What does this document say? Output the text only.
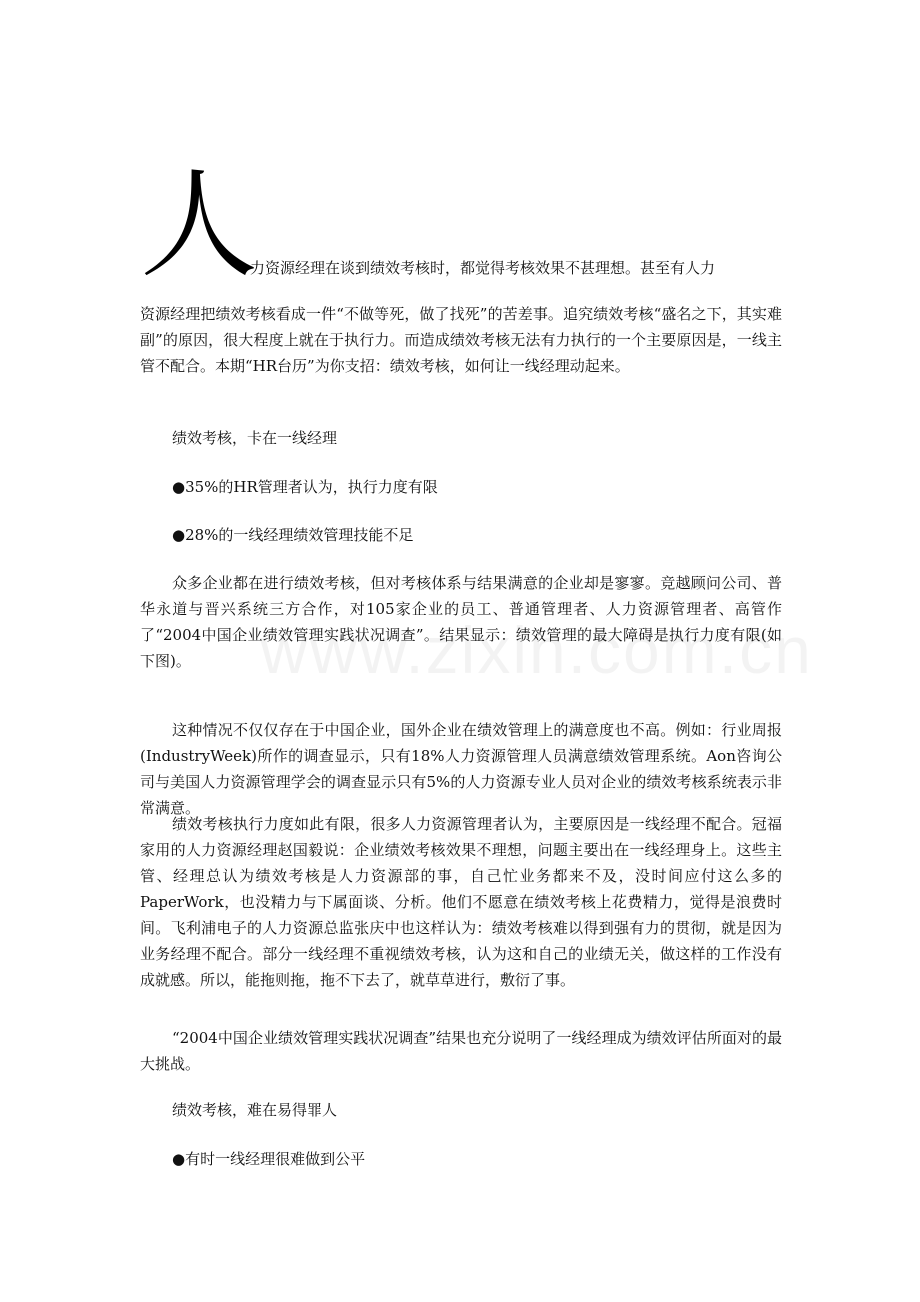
人
力资源经理在谈到绩效考核时，都觉得考核效果不甚理想。甚至有人力
资源经理把绩效考核看成一件“不做等死，做了找死”的苦差事。追究绩效考核“盛名之下，其实难副”的原因，很大程度上就在于执行力。而造成绩效考核无法有力执行的一个主要原因是，一线主管不配合。本期“HR台历”为你支招：绩效考核，如何让一线经理动起来。
绩效考核，卡在一线经理
●35%的HR管理者认为，执行力度有限
●28%的一线经理绩效管理技能不足
众多企业都在进行绩效考核，但对考核体系与结果满意的企业却是寥寥。竞越顾问公司、普华永道与晋兴系统三方合作，对105家企业的员工、普通管理者、人力资源管理者、高管作了“2004中国企业绩效管理实践状况调查”。结果显示：绩效管理的最大障碍是执行力度有限(如下图)。
这种情况不仅仅存在于中国企业，国外企业在绩效管理上的满意度也不高。例如：行业周报(IndustryWeek)所作的调查显示，只有18%人力资源管理人员满意绩效管理系统。Aon咨询公司与美国人力资源管理学会的调查显示只有5%的人力资源专业人员对企业的绩效考核系统表示非常满意。
绩效考核执行力度如此有限，很多人力资源管理者认为，主要原因是一线经理不配合。冠福家用的人力资源经理赵国毅说：企业绩效考核效果不理想，问题主要出在一线经理身上。这些主管、经理总认为绩效考核是人力资源部的事，自己忙业务都来不及，没时间应付这么多的PaperWork，也没精力与下属面谈、分析。他们不愿意在绩效考核上花费精力，觉得是浪费时间。飞利浦电子的人力资源总监张庆中也这样认为：绩效考核难以得到强有力的贯彻，就是因为业务经理不配合。部分一线经理不重视绩效考核，认为这和自己的业绩无关，做这样的工作没有成就感。所以，能拖则拖，拖不下去了，就草草进行，敷衍了事。
“2004中国企业绩效管理实践状况调查”结果也充分说明了一线经理成为绩效评估所面对的最大挑战。
绩效考核，难在易得罪人
●有时一线经理很难做到公平
